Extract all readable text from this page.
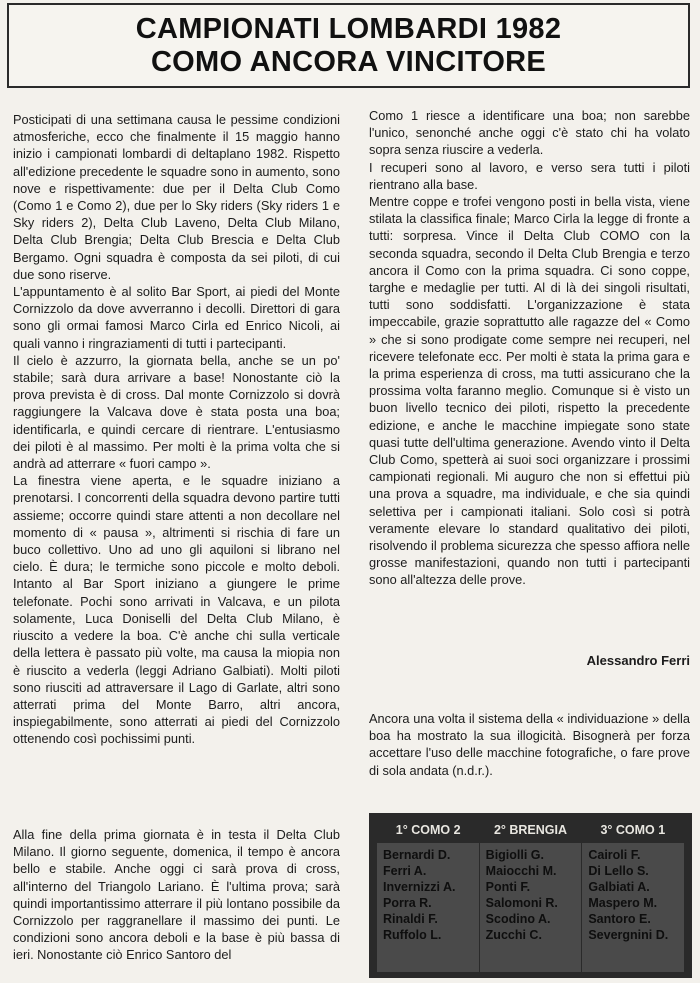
CAMPIONATI LOMBARDI 1982
COMO ANCORA VINCITORE

Posticipati di una settimana causa le pessime condizioni atmosferiche, ecco che finalmente il 15 maggio hanno inizio i campionati lombardi di deltaplano 1982. Rispetto all'edizione precedente le squadre sono in aumento, sono nove e rispettivamente: due per il Delta Club Como (Como 1 e Como 2), due per lo Sky riders (Sky riders 1 e Sky riders 2), Delta Club Laveno, Delta Club Milano, Delta Club Brengia; Delta Club Brescia e Delta Club Bergamo. Ogni squadra è composta da sei piloti, di cui due sono riserve.

L'appuntamento è al solito Bar Sport, ai piedi del Monte Cornizzolo da dove avverranno i decolli. Direttori di gara sono gli ormai famosi Marco Cirla ed Enrico Nicoli, ai quali vanno i ringraziamenti di tutti i partecipanti.

Il cielo è azzurro, la giornata bella, anche se un po' stabile; sarà dura arrivare a base! Nonostante ciò la prova prevista è di cross. Dal monte Cornizzolo si dovrà raggiungere la Valcava dove è stata posta una boa; identificarla, e quindi cercare di rientrare. L'entusiasmo dei piloti è al massimo. Per molti è la prima volta che si andrà ad atterrare « fuori campo ».

La finestra viene aperta, e le squadre iniziano a prenotarsi. I concorrenti della squadra devono partire tutti assieme; occorre quindi stare attenti a non decollare nel momento di « pausa », altrimenti si rischia di fare un buco collettivo. Uno ad uno gli aquiloni si librano nel cielo. È dura; le termiche sono piccole e molto deboli. Intanto al Bar Sport iniziano a giungere le prime telefonate. Pochi sono arrivati in Valcava, e un pilota solamente, Luca Doniselli del Delta Club Milano, è riuscito a vedere la boa. C'è anche chi sulla verticale della lettera è passato più volte, ma causa la miopia non è riuscito a vederla (leggi Adriano Galbiati). Molti piloti sono riusciti ad attraversare il Lago di Garlate, altri sono atterrati prima del Monte Barro, altri ancora, inspiegabilmente, sono atterrati ai piedi del Cornizzolo ottenendo così pochissimi punti.

Alla fine della prima giornata è in testa il Delta Club Milano. Il giorno seguente, domenica, il tempo è ancora bello e stabile. Anche oggi ci sarà prova di cross, all'interno del Triangolo Lariano. È l'ultima prova; sarà quindi importantissimo atterrare il più lontano possibile da Cornizzolo per raggranellare il massimo dei punti. Le condizioni sono ancora deboli e la base è più bassa di ieri. Nonostante ciò Enrico Santoro del

Como 1 riesce a identificare una boa; non sarebbe l'unico, senonché anche oggi c'è stato chi ha volato sopra senza riuscire a vederla.

I recuperi sono al lavoro, e verso sera tutti i piloti rientrano alla base.

Mentre coppe e trofei vengono posti in bella vista, viene stilata la classifica finale; Marco Cirla la legge di fronte a tutti: sorpresa. Vince il Delta Club COMO con la seconda squadra, secondo il Delta Club Brengia e terzo ancora il Como con la prima squadra. Ci sono coppe, targhe e medaglie per tutti. Al di là dei singoli risultati, tutti sono soddisfatti. L'organizzazione è stata impeccabile, grazie soprattutto alle ragazze del « Como » che si sono prodigate come sempre nei recuperi, nel ricevere telefonate ecc. Per molti è stata la prima gara e la prima esperienza di cross, ma tutti assicurano che la prossima volta faranno meglio. Comunque si è visto un buon livello tecnico dei piloti, rispetto la precedente edizione, e anche le macchine impiegate sono state quasi tutte dell'ultima generazione. Avendo vinto il Delta Club Como, spetterà ai suoi soci organizzare i prossimi campionati regionali. Mi auguro che non si effettui più una prova a squadre, ma individuale, e che sia quindi selettiva per i campionati italiani. Solo così si potrà veramente elevare lo standard qualitativo dei piloti, risolvendo il problema sicurezza che spesso affiora nelle grosse manifestazioni, quando non tutti i partecipanti sono all'altezza delle prove.

Alessandro Ferri

Ancora una volta il sistema della « individuazione » della boa ha mostrato la sua illogicità. Bisognerà per forza accettare l'uso delle macchine fotografiche, o fare prove di sola andata (n.d.r.).

1° COMO 2	2° BRENGIA	3° COMO 1
Bernardi D.
Ferri A.
Invernizzi A.
Porra R.
Rinaldi F.
Ruffolo L.
Bigiolli G.
Maiocchi M.
Ponti F.
Salomoni R.
Scodino A.
Zucchi C.
Cairoli F.
Di Lello S.
Galbiati A.
Maspero M.
Santoro E.
Severgnini D.
